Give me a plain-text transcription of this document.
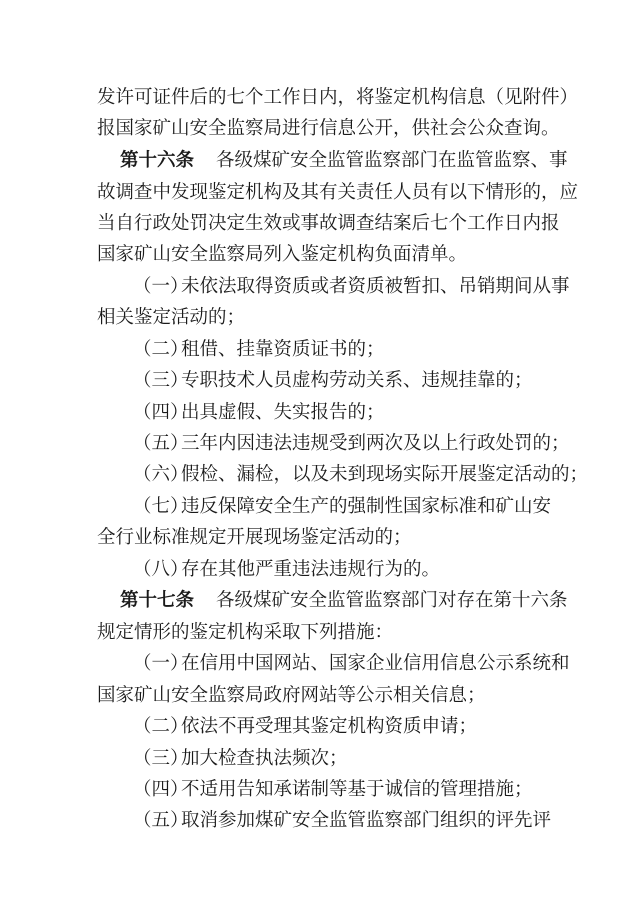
发许可证件后的七个工作日内，将鉴定机构信息（见附件）
报国家矿山安全监察局进行信息公开，供社会公众查询。
第十六条 各级煤矿安全监管监察部门在监管监察、事
故调查中发现鉴定机构及其有关责任人员有以下情形的，应
当自行政处罚决定生效或事故调查结案后七个工作日内报
国家矿山安全监察局列入鉴定机构负面清单。
（一）未依法取得资质或者资质被暂扣、吊销期间从事
相关鉴定活动的；
（二）租借、挂靠资质证书的；
（三）专职技术人员虚构劳动关系、违规挂靠的；
（四）出具虚假、失实报告的；
（五）三年内因违法违规受到两次及以上行政处罚的；
（六）假检、漏检，以及未到现场实际开展鉴定活动的；
（七）违反保障安全生产的强制性国家标准和矿山安
全行业标准规定开展现场鉴定活动的；
（八）存在其他严重违法违规行为的。
第十七条 各级煤矿安全监管监察部门对存在第十六条
规定情形的鉴定机构采取下列措施：
（一）在信用中国网站、国家企业信用信息公示系统和
国家矿山安全监察局政府网站等公示相关信息；
（二）依法不再受理其鉴定机构资质申请；
（三）加大检查执法频次；
（四）不适用告知承诺制等基于诚信的管理措施；
（五）取消参加煤矿安全监管监察部门组织的评先评
